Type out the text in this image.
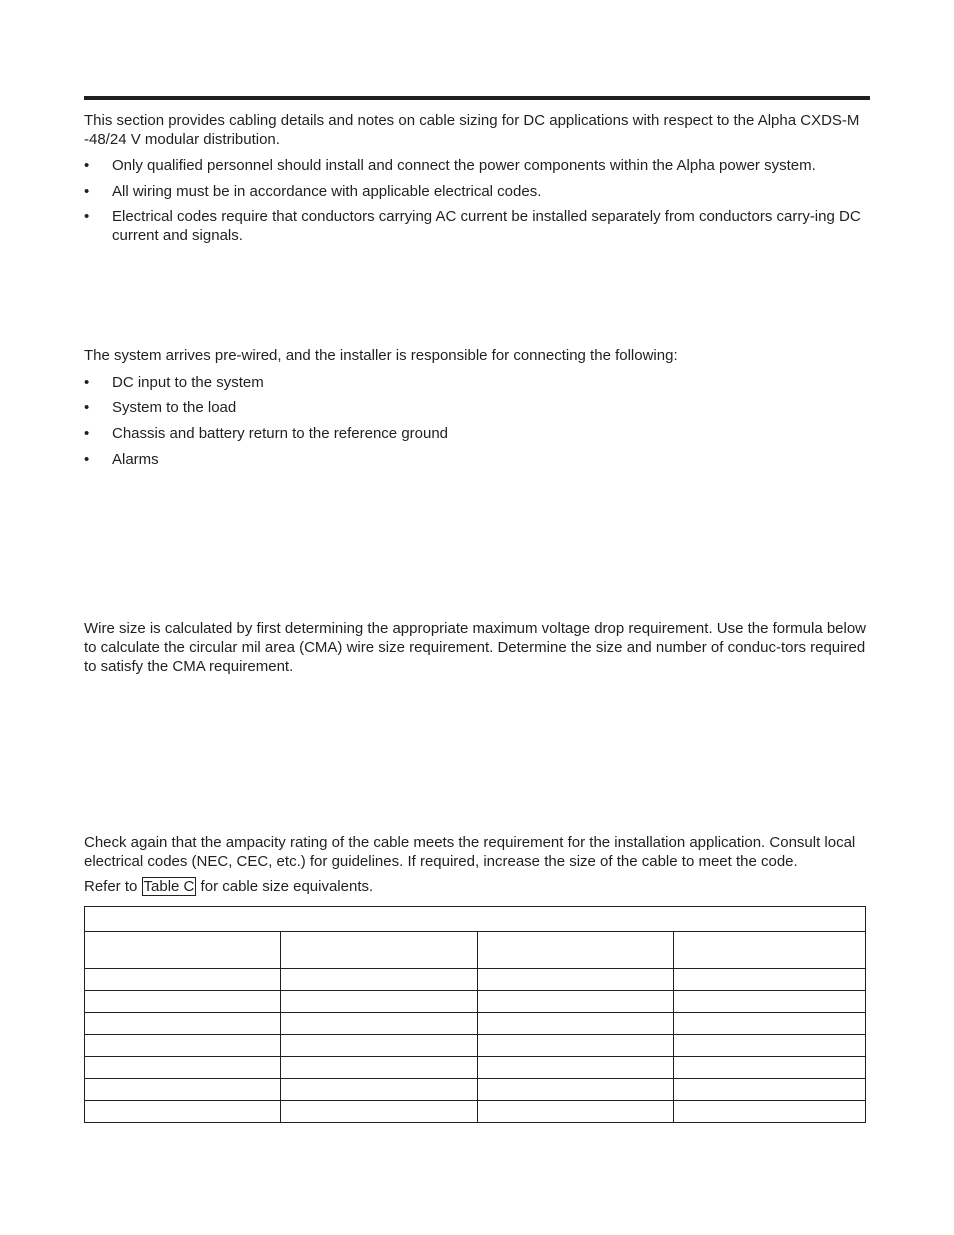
This section provides cabling details and notes on cable sizing for DC applications with respect to the Alpha CXDS-M -48/24 V modular distribution.

• Only qualified personnel should install and connect the power components within the Alpha power system.
• All wiring must be in accordance with applicable electrical codes.
• Electrical codes require that conductors carrying AC current be installed separately from conductors carry-ing DC current and signals.

The system arrives pre-wired, and the installer is responsible for connecting the following:

• DC input to the system
• System to the load
• Chassis and battery return to the reference ground
• Alarms

Wire size is calculated by first determining the appropriate maximum voltage drop requirement. Use the formula below to calculate the circular mil area (CMA) wire size requirement. Determine the size and number of conduc-tors required to satisfy the CMA requirement.

Check again that the ampacity rating of the cable meets the requirement for the installation application. Consult local electrical codes (NEC, CEC, etc.) for guidelines. If required, increase the size of the cable to meet the code.

Refer to Table C for cable size equivalents.
